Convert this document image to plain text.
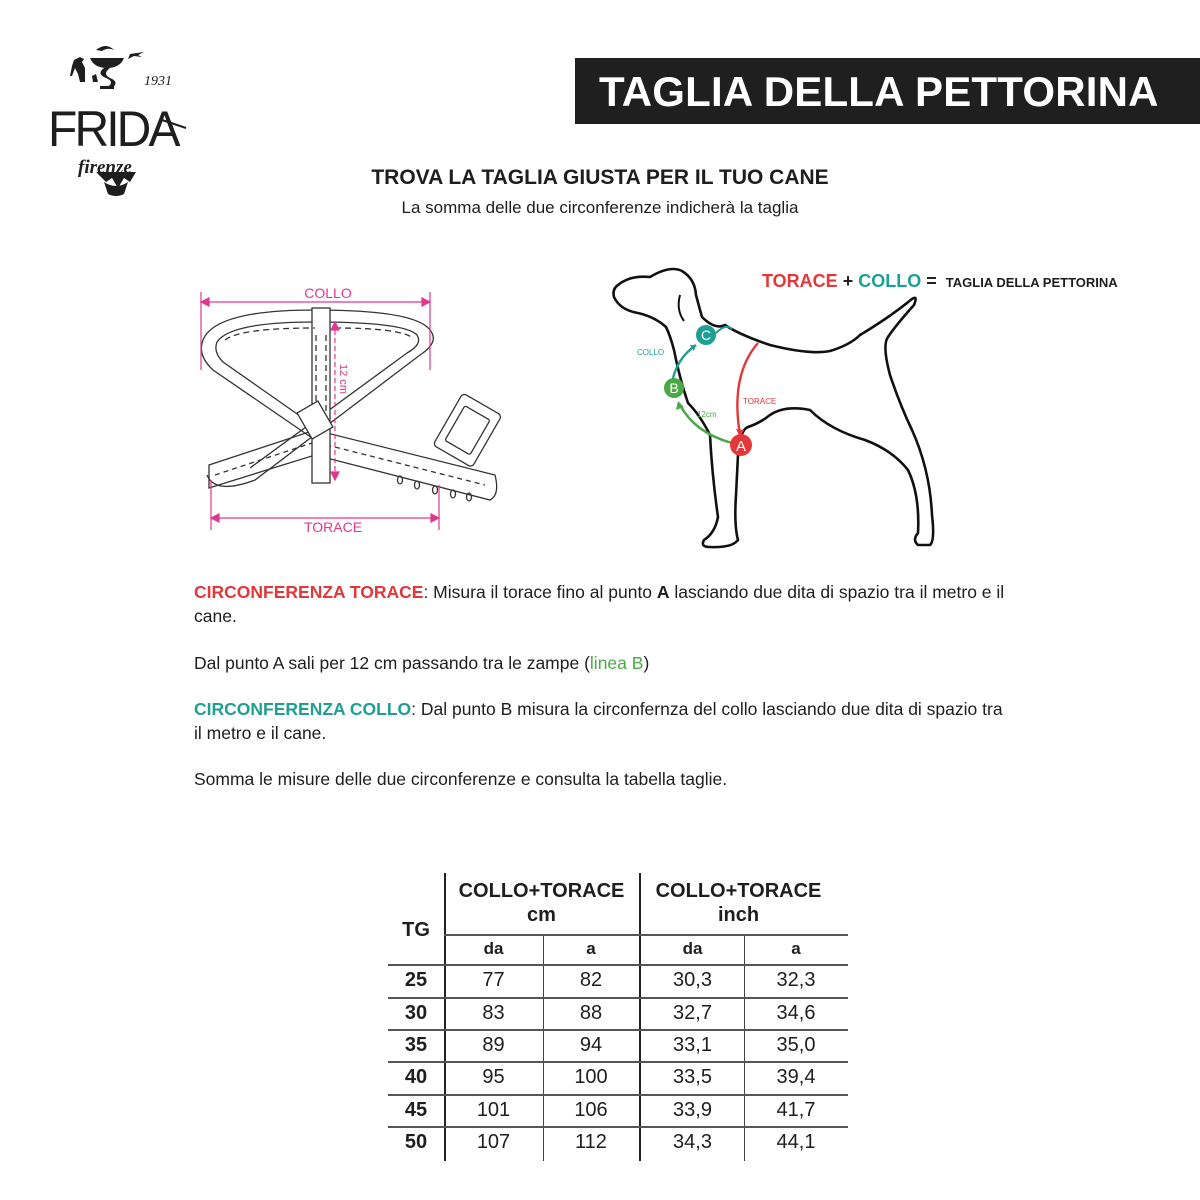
1931
FRIDA
firenze
TAGLIA DELLA PETTORINA
TROVA LA TAGLIA GIUSTA PER IL TUO CANE
La somma delle due circonferenze indicherà la taglia
COLLO
TORACE
12 cm
C
B
A
COLLO
TORACE
12cm
TORACE + COLLO = TAGLIA DELLA PETTORINA
CIRCONFERENZA TORACE: Misura il torace fino al punto A lasciando due dita di spazio tra il metro e il cane.
Dal punto A sali per 12 cm passando tra le zampe (linea B)
CIRCONFERENZA COLLO: Dal punto B misura la circonfernza del collo lasciando due dita di spazio tra il metro e il cane.
Somma le misure delle due circonferenze e consulta la tabella taglie.
TG
COLLO+TORACE
cm
COLLO+TORACE
inch
da	a	da	a
25	77	82	30,3	32,3
30	83	88	32,7	34,6
35	89	94	33,1	35,0
40	95	100	33,5	39,4
45	101	106	33,9	41,7
50	107	112	34,3	44,1
